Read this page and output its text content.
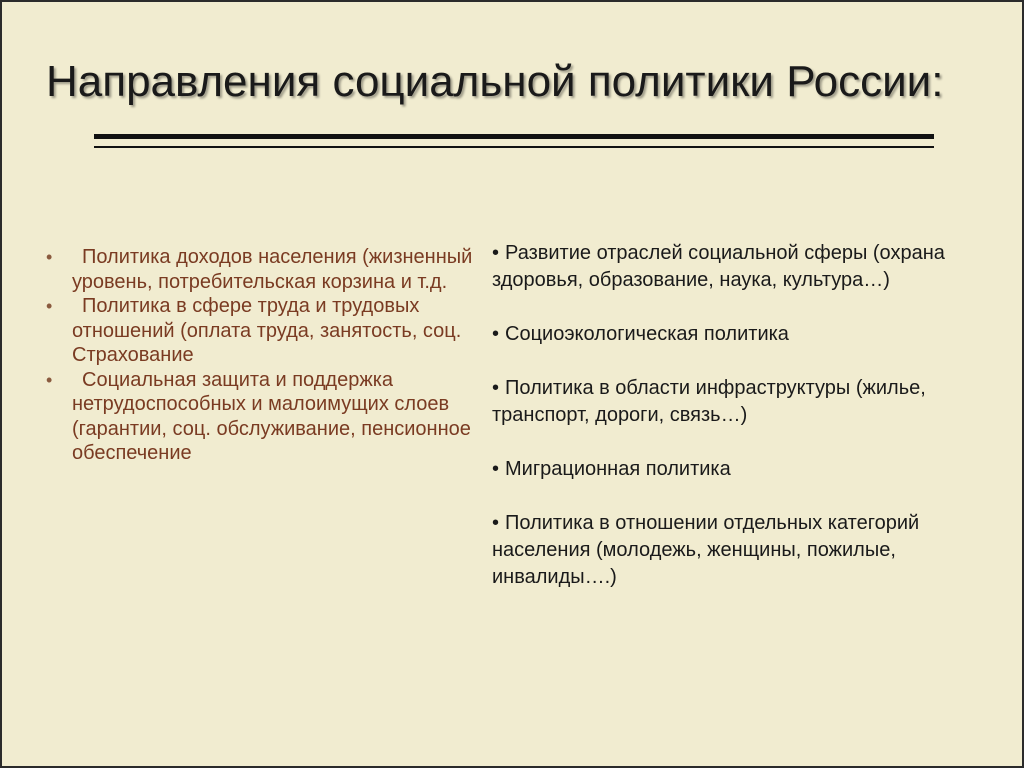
Направления социальной политики России:
•	Политика доходов населения (жизненный уровень, потребительская корзина и т.д.
•	Политика в сфере труда и трудовых отношений (оплата труда, занятость, соц. Страхование
•	Социальная защита и поддержка нетрудоспособных и малоимущих слоев (гарантии, соц. обслуживание, пенсионное обеспечение
• Развитие отраслей социальной сферы (охрана здоровья, образование, наука, культура…)
• Социоэкологическая политика
• Политика в области инфраструктуры (жилье, транспорт, дороги, связь…)
• Миграционная политика
• Политика в отношении отдельных категорий населения (молодежь, женщины, пожилые, инвалиды….)
